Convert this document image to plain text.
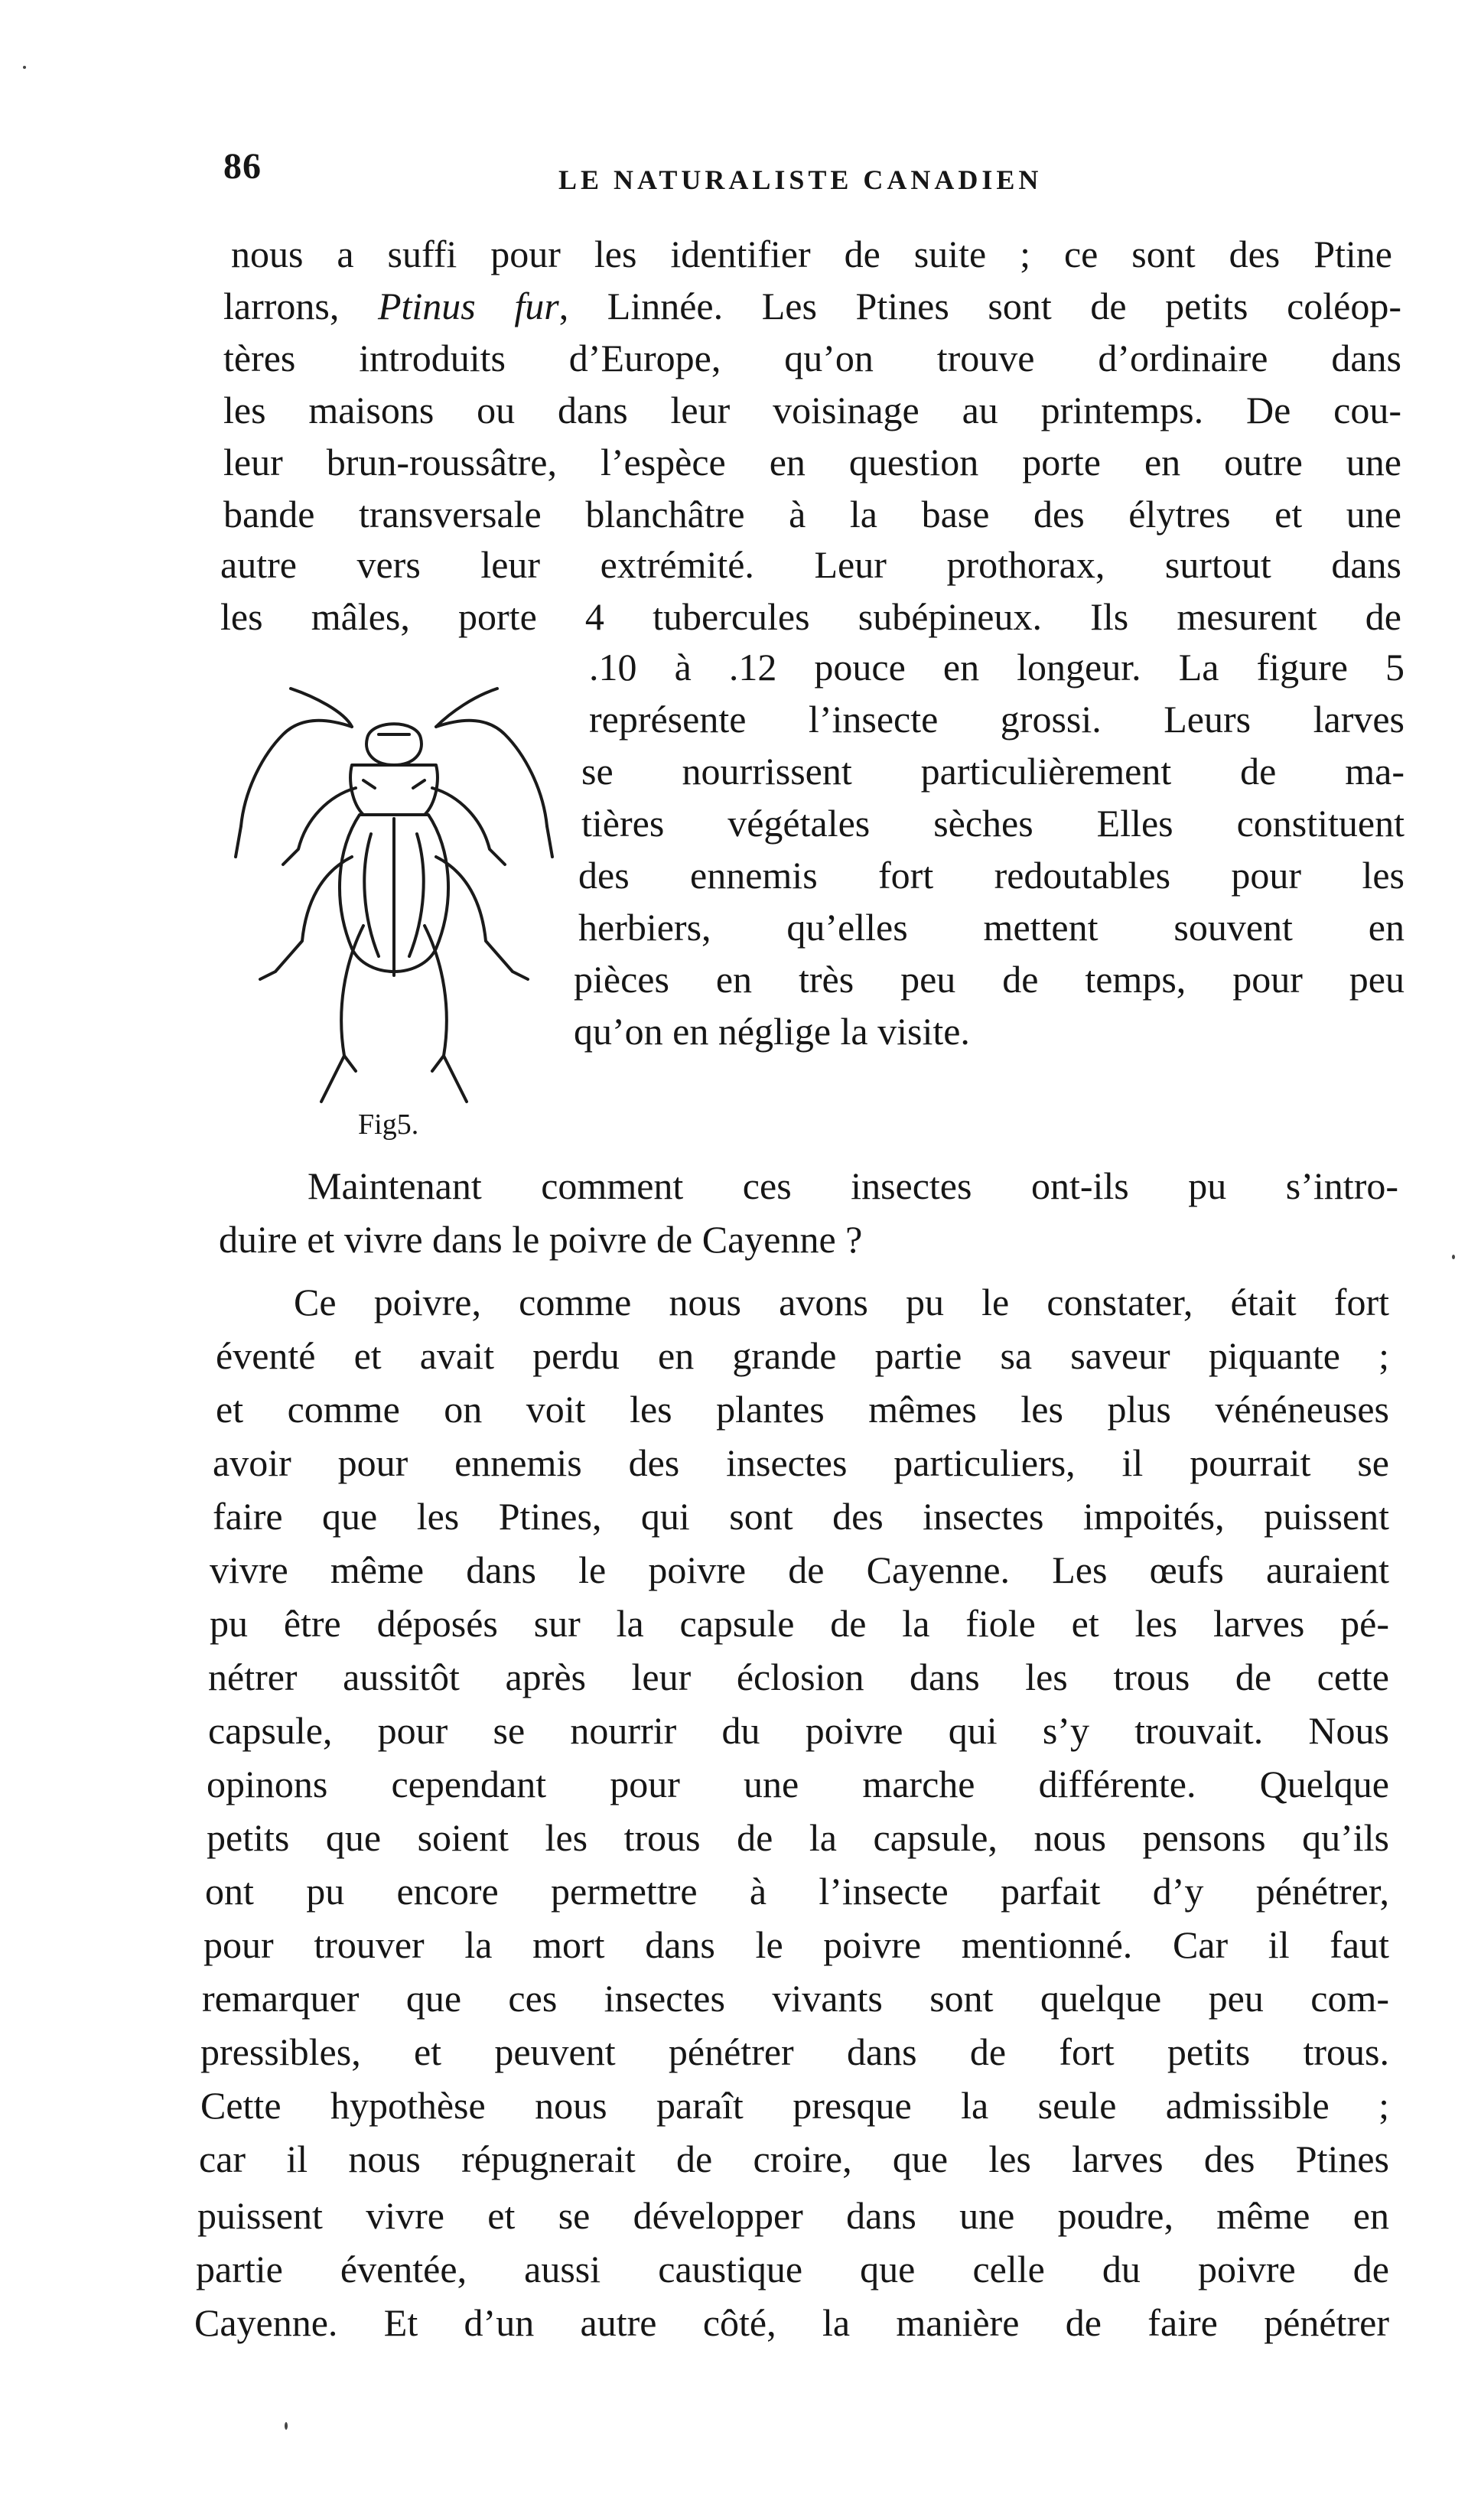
86	LE NATURALISTE CANADIEN
nous a suffi pour les identifier de suite ; ce sont des Ptine
larrons, Ptinus fur, Linnée. Les Ptines sont de petits coléop-
tères introduits d’Europe, qu’on trouve d’ordinaire dans
les maisons ou dans leur voisinage au printemps. De cou-
leur brun-roussâtre, l’espèce en question porte en outre une
bande transversale blanchâtre à la base des élytres et une
autre vers leur extrémité. Leur prothorax, surtout dans
les mâles, porte 4 tubercules subépineux. Ils mesurent de
.10 à .12 pouce en longeur. La figure 5
représente l’insecte grossi. Leurs larves
se nourrissent particulièrement de ma-
tières végétales sèches Elles constituent
des ennemis fort redoutables pour les
herbiers, qu’elles mettent souvent en
pièces en très peu de temps, pour peu
qu’on en néglige la visite.
Fig5.
Maintenant comment ces insectes ont-ils pu s’intro-
duire et vivre dans le poivre de Cayenne ?
Ce poivre, comme nous avons pu le constater, était fort
éventé et avait perdu en grande partie sa saveur piquante ;
et comme on voit les plantes mêmes les plus vénéneuses
avoir pour ennemis des insectes particuliers, il pourrait se
faire que les Ptines, qui sont des insectes impoités, puissent
vivre même dans le poivre de Cayenne. Les œufs auraient
pu être déposés sur la capsule de la fiole et les larves pé-
nétrer aussitôt après leur éclosion dans les trous de cette
capsule, pour se nourrir du poivre qui s’y trouvait. Nous
opinons cependant pour une marche différente. Quelque
petits que soient les trous de la capsule, nous pensons qu’ils
ont pu encore permettre à l’insecte parfait d’y pénétrer,
pour trouver la mort dans le poivre mentionné. Car il faut
remarquer que ces insectes vivants sont quelque peu com-
pressibles, et peuvent pénétrer dans de fort petits trous.
Cette hypothèse nous paraît presque la seule admissible ;
car il nous répugnerait de croire, que les larves des Ptines
puissent vivre et se développer dans une poudre, même en
partie éventée, aussi caustique que celle du poivre de
Cayenne. Et d’un autre côté, la manière de faire pénétrer
